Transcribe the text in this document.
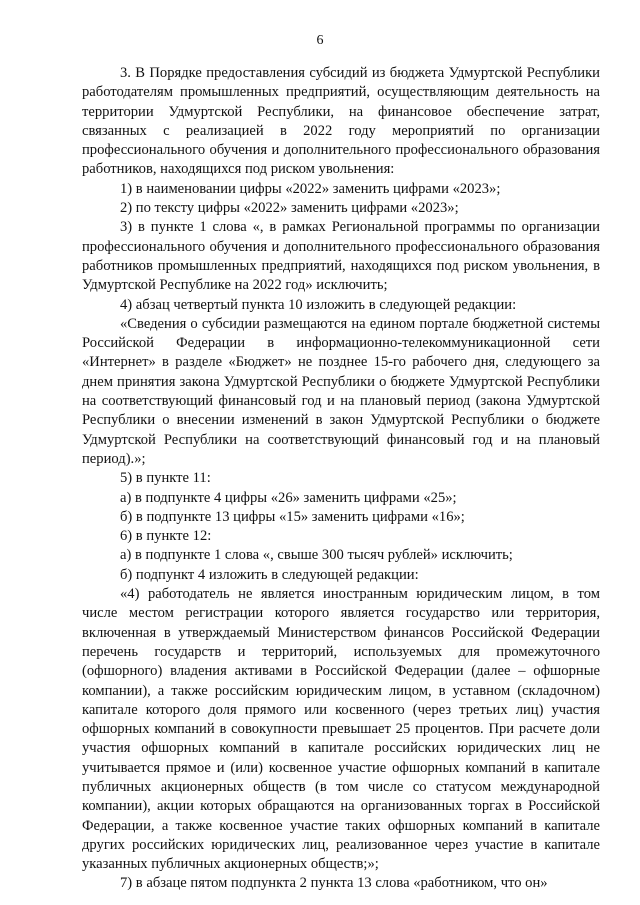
6

3. В Порядке предоставления субсидий из бюджета Удмуртской Республики работодателям промышленных предприятий, осуществляющим деятельность на территории Удмуртской Республики, на финансовое обеспечение затрат, связанных с реализацией в 2022 году мероприятий по организации профессионального обучения и дополнительного профессионального образования работников, находящихся под риском увольнения:

1) в наименовании цифры «2022» заменить цифрами «2023»;

2) по тексту цифры «2022» заменить цифрами «2023»;

3) в пункте 1 слова «, в рамках Региональной программы по организации профессионального обучения и дополнительного профессионального образования работников промышленных предприятий, находящихся под риском увольнения, в Удмуртской Республике на 2022 год» исключить;

4) абзац четвертый пункта 10 изложить в следующей редакции:

«Сведения о субсидии размещаются на едином портале бюджетной системы Российской Федерации в информационно-телекоммуникационной сети «Интернет» в разделе «Бюджет» не позднее 15-го рабочего дня, следующего за днем принятия закона Удмуртской Республики о бюджете Удмуртской Республики на соответствующий финансовый год и на плановый период (закона Удмуртской Республики о внесении изменений в закон Удмуртской Республики о бюджете Удмуртской Республики на соответствующий финансовый год и на плановый период).»;

5) в пункте 11:

а) в подпункте 4 цифры «26» заменить цифрами «25»;

б) в подпункте 13 цифры «15» заменить цифрами «16»;

6) в пункте 12:

а) в подпункте 1 слова «, свыше 300 тысяч рублей» исключить;

б) подпункт 4 изложить в следующей редакции:

«4) работодатель не является иностранным юридическим лицом, в том числе местом регистрации которого является государство или территория, включенная в утверждаемый Министерством финансов Российской Федерации перечень государств и территорий, используемых для промежуточного (офшорного) владения активами в Российской Федерации (далее – офшорные компании), а также российским юридическим лицом, в уставном (складочном) капитале которого доля прямого или косвенного (через третьих лиц) участия офшорных компаний в совокупности превышает 25 процентов. При расчете доли участия офшорных компаний в капитале российских юридических лиц не учитывается прямое и (или) косвенное участие офшорных компаний в капитале публичных акционерных обществ (в том числе со статусом международной компании), акции которых обращаются на организованных торгах в Российской Федерации, а также косвенное участие таких офшорных компаний в капитале других российских юридических лиц, реализованное через участие в капитале указанных публичных акционерных обществ;»;

7) в абзаце пятом подпункта 2 пункта 13 слова «работником, что он»
